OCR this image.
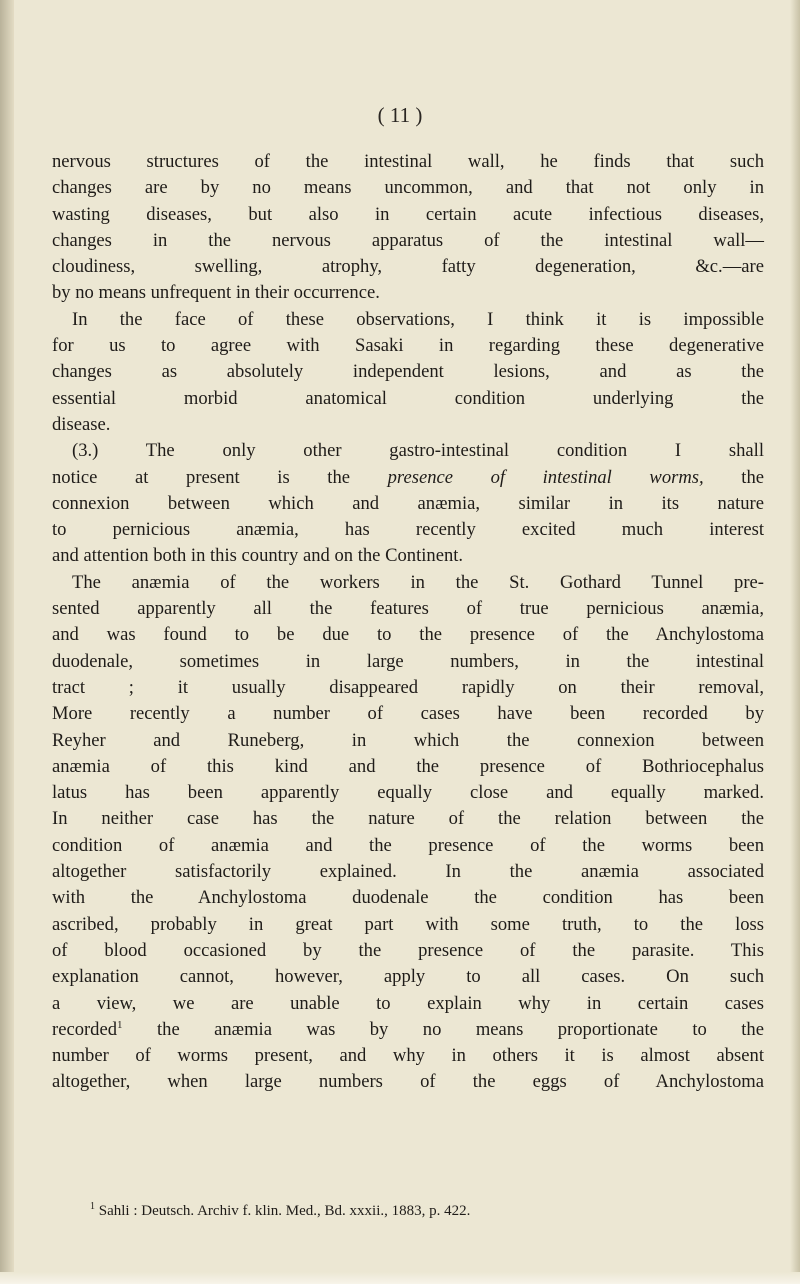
( 11 )

nervous structures of the intestinal wall, he finds that such
changes are by no means uncommon, and that not only in
wasting diseases, but also in certain acute infectious diseases,
changes in the nervous apparatus of the intestinal wall—
cloudiness, swelling, atrophy, fatty degeneration, &c.—are
by no means unfrequent in their occurrence.

In the face of these observations, I think it is impossible
for us to agree with Sasaki in regarding these degenerative
changes as absolutely independent lesions, and as the
essential morbid anatomical condition underlying the
disease.

(3.) The only other gastro-intestinal condition I shall
notice at present is the presence of intestinal worms, the
connexion between which and anæmia, similar in its nature
to pernicious anæmia, has recently excited much interest
and attention both in this country and on the Continent.

The anæmia of the workers in the St. Gothard Tunnel pre-
sented apparently all the features of true pernicious anæmia,
and was found to be due to the presence of the Anchylostoma
duodenale, sometimes in large numbers, in the intestinal
tract ; it usually disappeared rapidly on their removal,
More recently a number of cases have been recorded by
Reyher and Runeberg, in which the connexion between
anæmia of this kind and the presence of Bothriocephalus
latus has been apparently equally close and equally marked.
In neither case has the nature of the relation between the
condition of anæmia and the presence of the worms been
altogether satisfactorily explained. In the anæmia associated
with the Anchylostoma duodenale the condition has been
ascribed, probably in great part with some truth, to the loss
of blood occasioned by the presence of the parasite. This
explanation cannot, however, apply to all cases. On such
a view, we are unable to explain why in certain cases
recorded$^1$ the anæmia was by no means proportionate to the
number of worms present, and why in others it is almost absent
altogether, when large numbers of the eggs of Anchylostoma

$^1$ Sahli : Deutsch. Archiv f. klin. Med., Bd. xxxii., 1883, p. 422.
